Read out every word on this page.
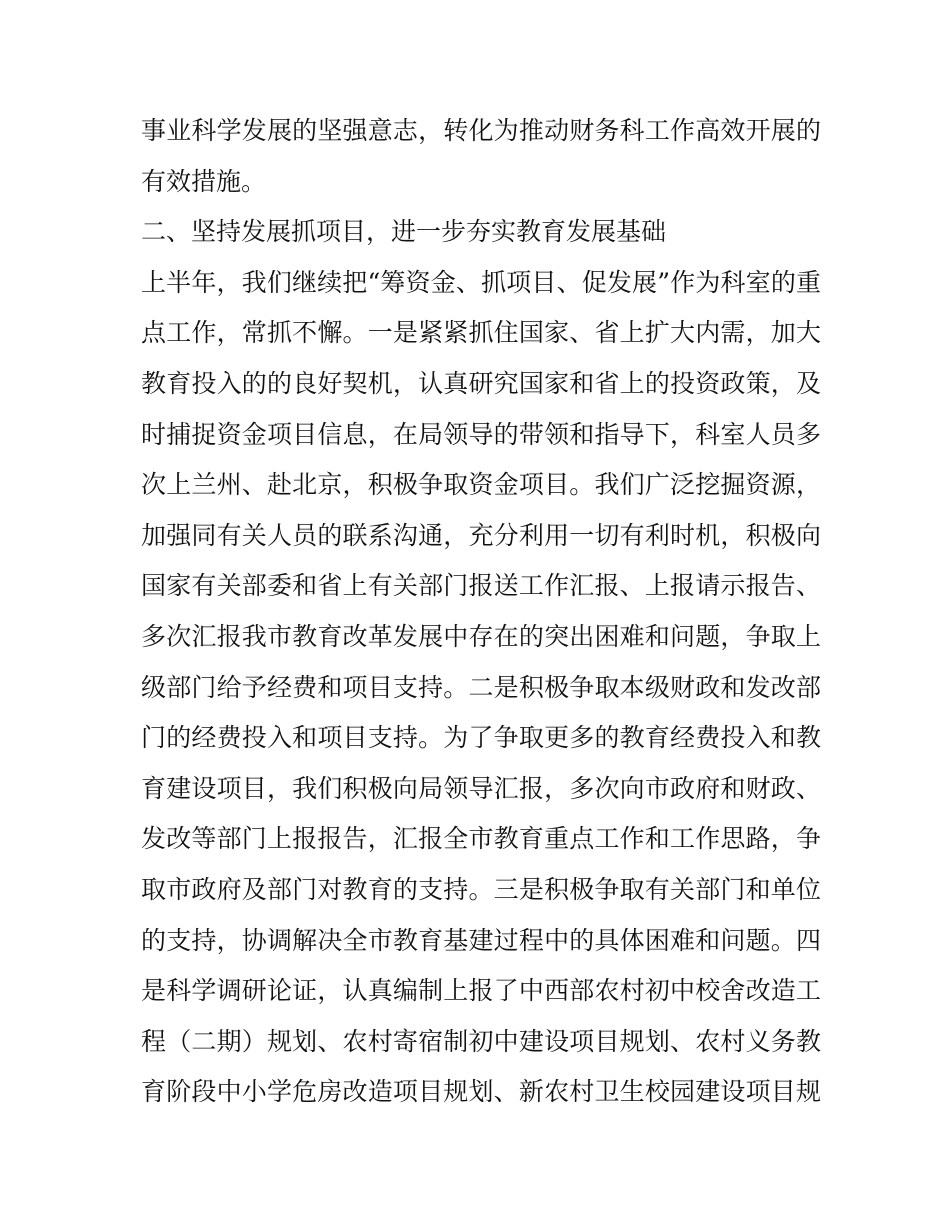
事业科学发展的坚强意志，转化为推动财务科工作高效开展的
有效措施。
二、坚持发展抓项目，进一步夯实教育发展基础
上半年，我们继续把“筹资金、抓项目、促发展”作为科室的重
点工作，常抓不懈。一是紧紧抓住国家、省上扩大内需，加大
教育投入的的良好契机，认真研究国家和省上的投资政策，及
时捕捉资金项目信息，在局领导的带领和指导下，科室人员多
次上兰州、赴北京，积极争取资金项目。我们广泛挖掘资源，
加强同有关人员的联系沟通，充分利用一切有利时机，积极向
国家有关部委和省上有关部门报送工作汇报、上报请示报告、
多次汇报我市教育改革发展中存在的突出困难和问题，争取上
级部门给予经费和项目支持。二是积极争取本级财政和发改部
门的经费投入和项目支持。为了争取更多的教育经费投入和教
育建设项目，我们积极向局领导汇报，多次向市政府和财政、
发改等部门上报报告，汇报全市教育重点工作和工作思路，争
取市政府及部门对教育的支持。三是积极争取有关部门和单位
的支持，协调解决全市教育基建过程中的具体困难和问题。四
是科学调研论证，认真编制上报了中西部农村初中校舍改造工
程（二期）规划、农村寄宿制初中建设项目规划、农村义务教
育阶段中小学危房改造项目规划、新农村卫生校园建设项目规
